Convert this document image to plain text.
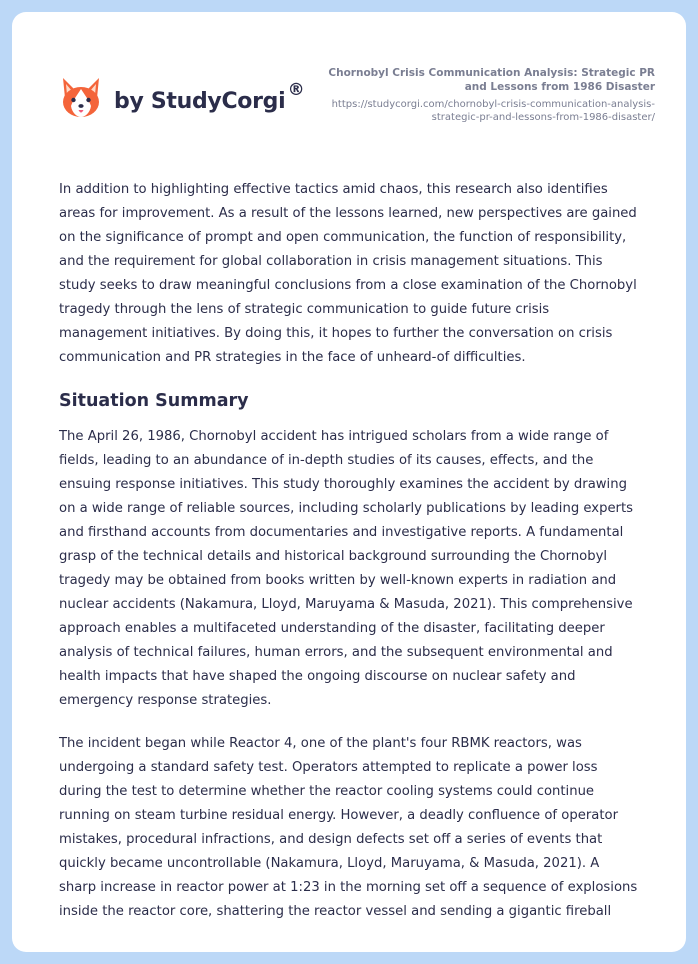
by StudyCorgi ®
Chornobyl Crisis Communication Analysis: Strategic PR and Lessons from 1986 Disaster
https://studycorgi.com/chornobyl-crisis-communication-analysis-strategic-pr-and-lessons-from-1986-disaster/

In addition to highlighting effective tactics amid chaos, this research also identifies areas for improvement. As a result of the lessons learned, new perspectives are gained on the significance of prompt and open communication, the function of responsibility, and the requirement for global collaboration in crisis management situations. This study seeks to draw meaningful conclusions from a close examination of the Chornobyl tragedy through the lens of strategic communication to guide future crisis management initiatives. By doing this, it hopes to further the conversation on crisis communication and PR strategies in the face of unheard-of difficulties.

Situation Summary

The April 26, 1986, Chornobyl accident has intrigued scholars from a wide range of fields, leading to an abundance of in-depth studies of its causes, effects, and the ensuing response initiatives. This study thoroughly examines the accident by drawing on a wide range of reliable sources, including scholarly publications by leading experts and firsthand accounts from documentaries and investigative reports. A fundamental grasp of the technical details and historical background surrounding the Chornobyl tragedy may be obtained from books written by well-known experts in radiation and nuclear accidents (Nakamura, Lloyd, Maruyama & Masuda, 2021). This comprehensive approach enables a multifaceted understanding of the disaster, facilitating deeper analysis of technical failures, human errors, and the subsequent environmental and health impacts that have shaped the ongoing discourse on nuclear safety and emergency response strategies.

The incident began while Reactor 4, one of the plant's four RBMK reactors, was undergoing a standard safety test. Operators attempted to replicate a power loss during the test to determine whether the reactor cooling systems could continue running on steam turbine residual energy. However, a deadly confluence of operator mistakes, procedural infractions, and design defects set off a series of events that quickly became uncontrollable (Nakamura, Lloyd, Maruyama, & Masuda, 2021). A sharp increase in reactor power at 1:23 in the morning set off a sequence of explosions inside the reactor core, shattering the reactor vessel and sending a gigantic fireball
